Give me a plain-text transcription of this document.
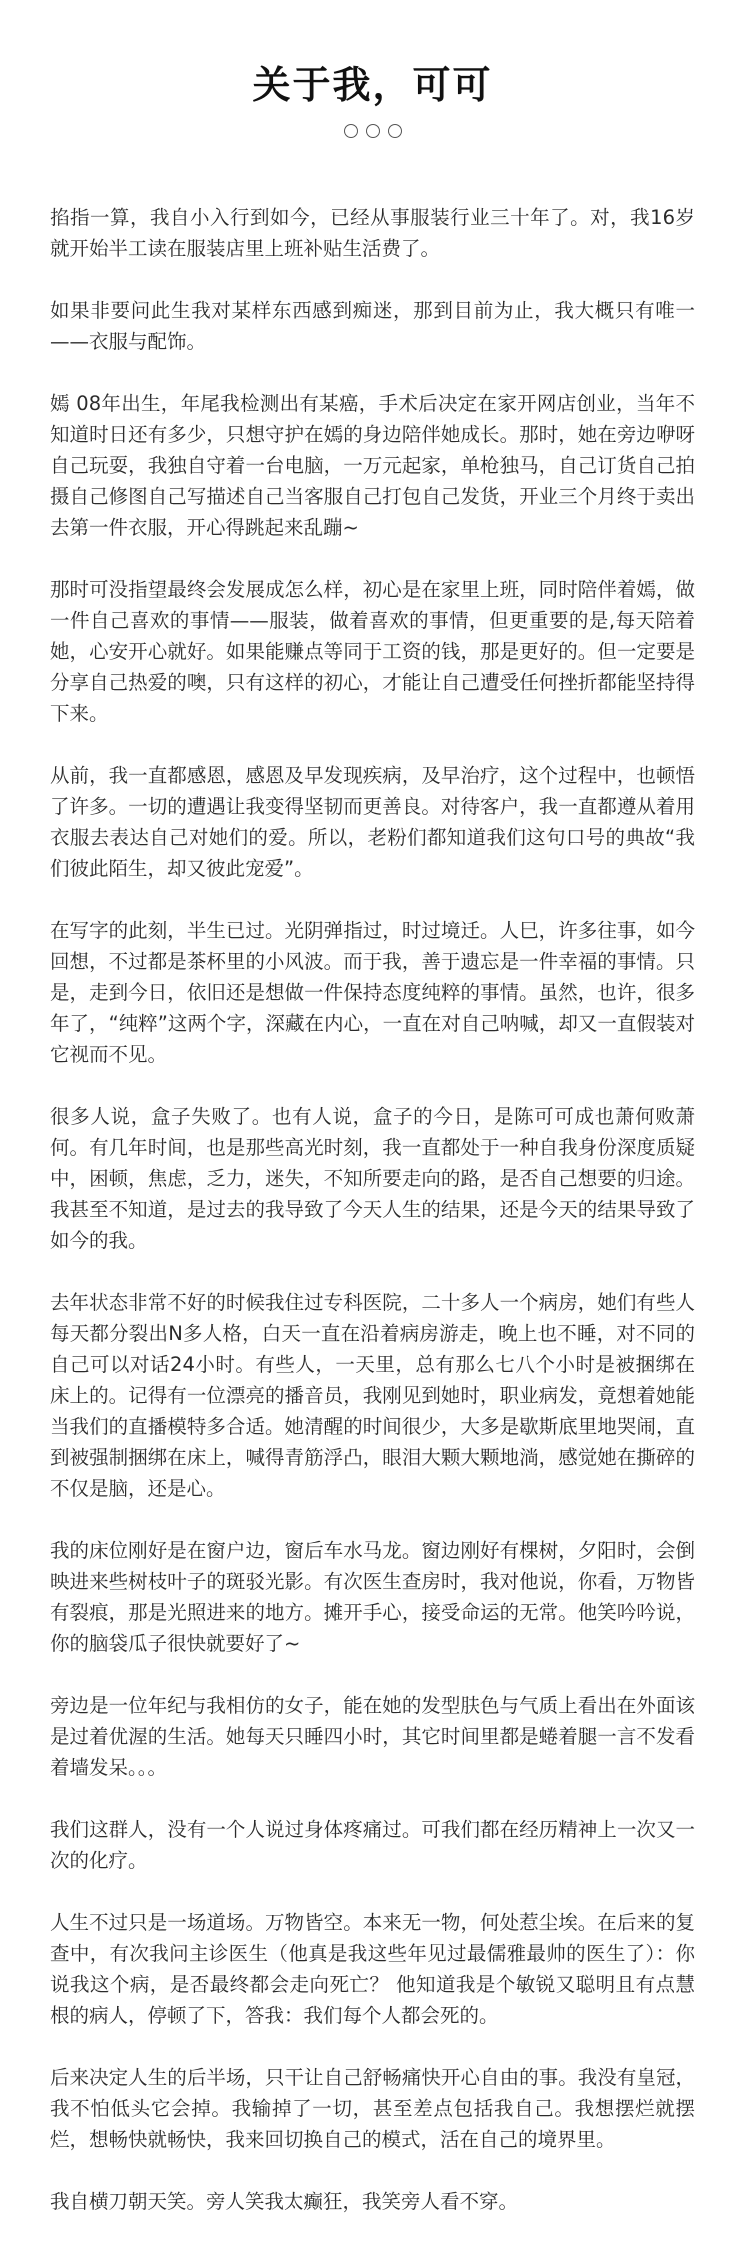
关于我，可可

掐指一算，我自小入行到如今，已经从事服装行业三十年了。对，我16岁就开始半工读在服装店里上班补贴生活费了。

如果非要问此生我对某样东西感到痴迷，那到目前为止，我大概只有唯一——衣服与配饰。

嫣 08年出生，年尾我检测出有某癌，手术后决定在家开网店创业，当年不知道时日还有多少，只想守护在嫣的身边陪伴她成长。那时，她在旁边咿呀自己玩耍，我独自守着一台电脑，一万元起家，单枪独马，自己订货自己拍摄自己修图自己写描述自己当客服自己打包自己发货，开业三个月终于卖出去第一件衣服，开心得跳起来乱蹦~

那时可没指望最终会发展成怎么样，初心是在家里上班，同时陪伴着嫣，做一件自己喜欢的事情——服装，做着喜欢的事情，但更重要的是,每天陪着她，心安开心就好。如果能赚点等同于工资的钱，那是更好的。但一定要是分享自己热爱的噢，只有这样的初心，才能让自己遭受任何挫折都能坚持得下来。

从前，我一直都感恩，感恩及早发现疾病，及早治疗，这个过程中，也顿悟了许多。一切的遭遇让我变得坚韧而更善良。对待客户，我一直都遵从着用衣服去表达自己对她们的爱。所以，老粉们都知道我们这句口号的典故“我们彼此陌生，却又彼此宠爱”。

在写字的此刻，半生已过。光阴弹指过，时过境迁。人巳，许多往事，如今回想，不过都是茶杯里的小风波。而于我，善于遗忘是一件幸福的事情。只是，走到今日，依旧还是想做一件保持态度纯粹的事情。虽然，也许，很多年了，“纯粹”这两个字，深藏在内心，一直在对自己呐喊，却又一直假装对它视而不见。

很多人说，盒子失败了。也有人说，盒子的今日，是陈可可成也萧何败萧何。有几年时间，也是那些高光时刻，我一直都处于一种自我身份深度质疑中，困顿，焦虑，乏力，迷失，不知所要走向的路，是否自己想要的归途。我甚至不知道，是过去的我导致了今天人生的结果，还是今天的结果导致了如今的我。

去年状态非常不好的时候我住过专科医院，二十多人一个病房，她们有些人每天都分裂出N多人格，白天一直在沿着病房游走，晚上也不睡，对不同的自己可以对话24小时。有些人，一天里，总有那么七八个小时是被捆绑在床上的。记得有一位漂亮的播音员，我刚见到她时，职业病发，竟想着她能当我们的直播模特多合适。她清醒的时间很少，大多是歇斯底里地哭闹，直到被强制捆绑在床上，喊得青筋浮凸，眼泪大颗大颗地淌，感觉她在撕碎的不仅是脑，还是心。

我的床位刚好是在窗户边，窗后车水马龙。窗边刚好有棵树，夕阳时，会倒映进来些树枝叶子的斑驳光影。有次医生查房时，我对他说，你看，万物皆有裂痕，那是光照进来的地方。摊开手心，接受命运的无常。他笑吟吟说，你的脑袋瓜子很快就要好了~

旁边是一位年纪与我相仿的女子，能在她的发型肤色与气质上看出在外面该是过着优渥的生活。她每天只睡四小时，其它时间里都是蜷着腿一言不发看着墙发呆。。。

我们这群人，没有一个人说过身体疼痛过。可我们都在经历精神上一次又一次的化疗。

人生不过只是一场道场。万物皆空。本来无一物，何处惹尘埃。在后来的复查中，有次我问主诊医生（他真是我这些年见过最儒雅最帅的医生了）：你说我这个病，是否最终都会走向死亡？ 他知道我是个敏锐又聪明且有点慧根的病人，停顿了下，答我：我们每个人都会死的。

后来决定人生的后半场，只干让自己舒畅痛快开心自由的事。我没有皇冠，我不怕低头它会掉。我输掉了一切，甚至差点包括我自己。我想摆烂就摆烂，想畅快就畅快，我来回切换自己的模式，活在自己的境界里。

我自横刀朝天笑。旁人笑我太癫狂，我笑旁人看不穿。
